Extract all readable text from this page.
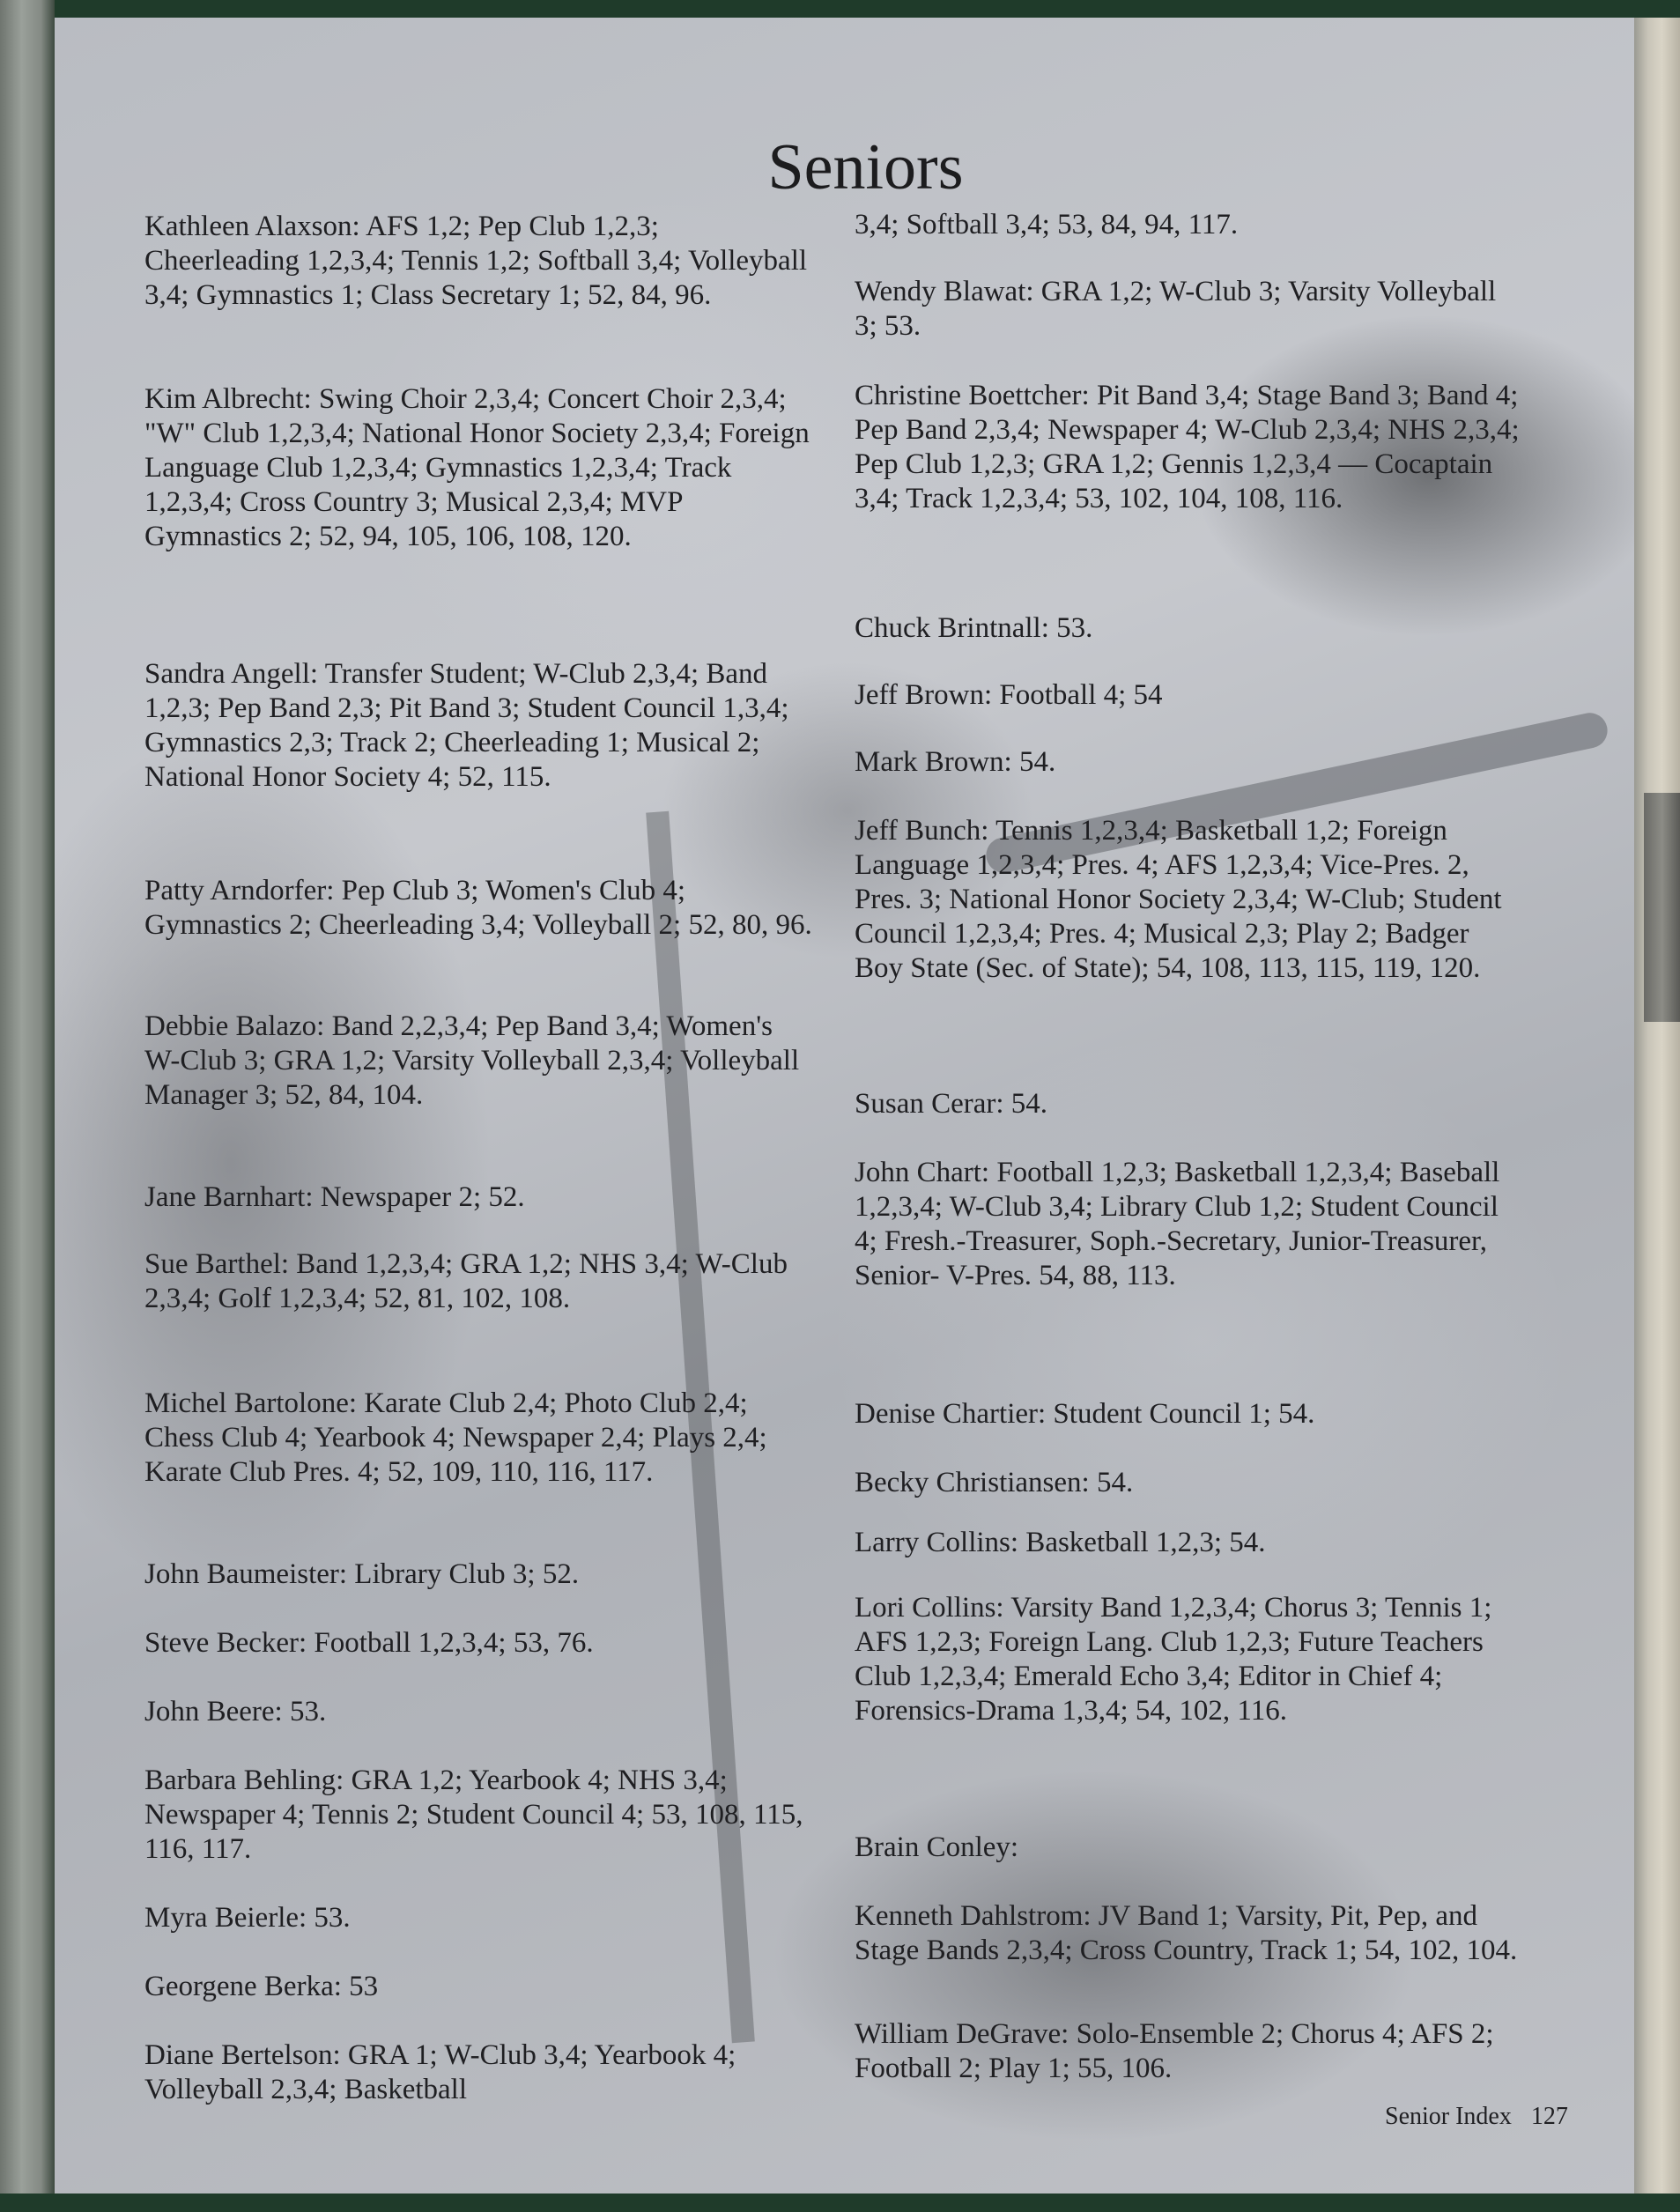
Seniors

Kathleen Alaxson: AFS 1,2; Pep Club 1,2,3; Cheerleading 1,2,3,4; Tennis 1,2; Softball 3,4; Volleyball 3,4; Gymnastics 1; Class Secretary 1; 52, 84, 96.

Kim Albrecht: Swing Choir 2,3,4; Concert Choir 2,3,4; "W" Club 1,2,3,4; National Honor Society 2,3,4; Foreign Language Club 1,2,3,4; Gymnastics 1,2,3,4; Track 1,2,3,4; Cross Country 3; Musical 2,3,4; MVP Gymnastics 2; 52, 94, 105, 106, 108, 120.

Sandra Angell: Transfer Student; W-Club 2,3,4; Band 1,2,3; Pep Band 2,3; Pit Band 3; Student Council 1,3,4; Gymnastics 2,3; Track 2; Cheerleading 1; Musical 2; National Honor Society 4; 52, 115.

Patty Arndorfer: Pep Club 3; Women's Club 4; Gymnastics 2; Cheerleading 3,4; Volleyball 2; 52, 80, 96.

Debbie Balazo: Band 2,2,3,4; Pep Band 3,4; Women's W-Club 3; GRA 1,2; Varsity Volleyball 2,3,4; Volleyball Manager 3; 52, 84, 104.

Jane Barnhart: Newspaper 2; 52.

Sue Barthel: Band 1,2,3,4; GRA 1,2; NHS 3,4; W-Club 2,3,4; Golf 1,2,3,4; 52, 81, 102, 108.

Michel Bartolone: Karate Club 2,4; Photo Club 2,4; Chess Club 4; Yearbook 4; Newspaper 2,4; Plays 2,4; Karate Club Pres. 4; 52, 109, 110, 116, 117.

John Baumeister: Library Club 3; 52.

Steve Becker: Football 1,2,3,4; 53, 76.

John Beere: 53.

Barbara Behling: GRA 1,2; Yearbook 4; NHS 3,4; Newspaper 4; Tennis 2; Student Council 4; 53, 108, 115, 116, 117.

Myra Beierle: 53.

Georgene Berka: 53

Diane Bertelson: GRA 1; W-Club 3,4; Yearbook 4; Volleyball 2,3,4; Basketball

3,4; Softball 3,4; 53, 84, 94, 117.

Wendy Blawat: GRA 1,2; W-Club 3; Varsity Volleyball 3; 53.

Christine Boettcher: Pit Band 3,4; Stage Band 3; Band 4; Pep Band 2,3,4; Newspaper 4; W-Club 2,3,4; NHS 2,3,4; Pep Club 1,2,3; GRA 1,2; Gennis 1,2,3,4 — Cocaptain 3,4; Track 1,2,3,4; 53, 102, 104, 108, 116.

Chuck Brintnall: 53.

Jeff Brown: Football 4; 54

Mark Brown: 54.

Jeff Bunch: Tennis 1,2,3,4; Basketball 1,2; Foreign Language 1,2,3,4; Pres. 4; AFS 1,2,3,4; Vice-Pres. 2, Pres. 3; National Honor Society 2,3,4; W-Club; Student Council 1,2,3,4; Pres. 4; Musical 2,3; Play 2; Badger Boy State (Sec. of State); 54, 108, 113, 115, 119, 120.

Susan Cerar: 54.

John Chart: Football 1,2,3; Basketball 1,2,3,4; Baseball 1,2,3,4; W-Club 3,4; Library Club 1,2; Student Council 4; Fresh.-Treasurer, Soph.-Secretary, Junior-Treasurer, Senior- V-Pres. 54, 88, 113.

Denise Chartier: Student Council 1; 54.

Becky Christiansen: 54.

Larry Collins: Basketball 1,2,3; 54.

Lori Collins: Varsity Band 1,2,3,4; Chorus 3; Tennis 1; AFS 1,2,3; Foreign Lang. Club 1,2,3; Future Teachers Club 1,2,3,4; Emerald Echo 3,4; Editor in Chief 4; Forensics-Drama 1,3,4; 54, 102, 116.

Brain Conley:

Kenneth Dahlstrom: JV Band 1; Varsity, Pit, Pep, and Stage Bands 2,3,4; Cross Country, Track 1; 54, 102, 104.

William DeGrave: Solo-Ensemble 2; Chorus 4; AFS 2; Football 2; Play 1; 55, 106.

Senior Index 127
